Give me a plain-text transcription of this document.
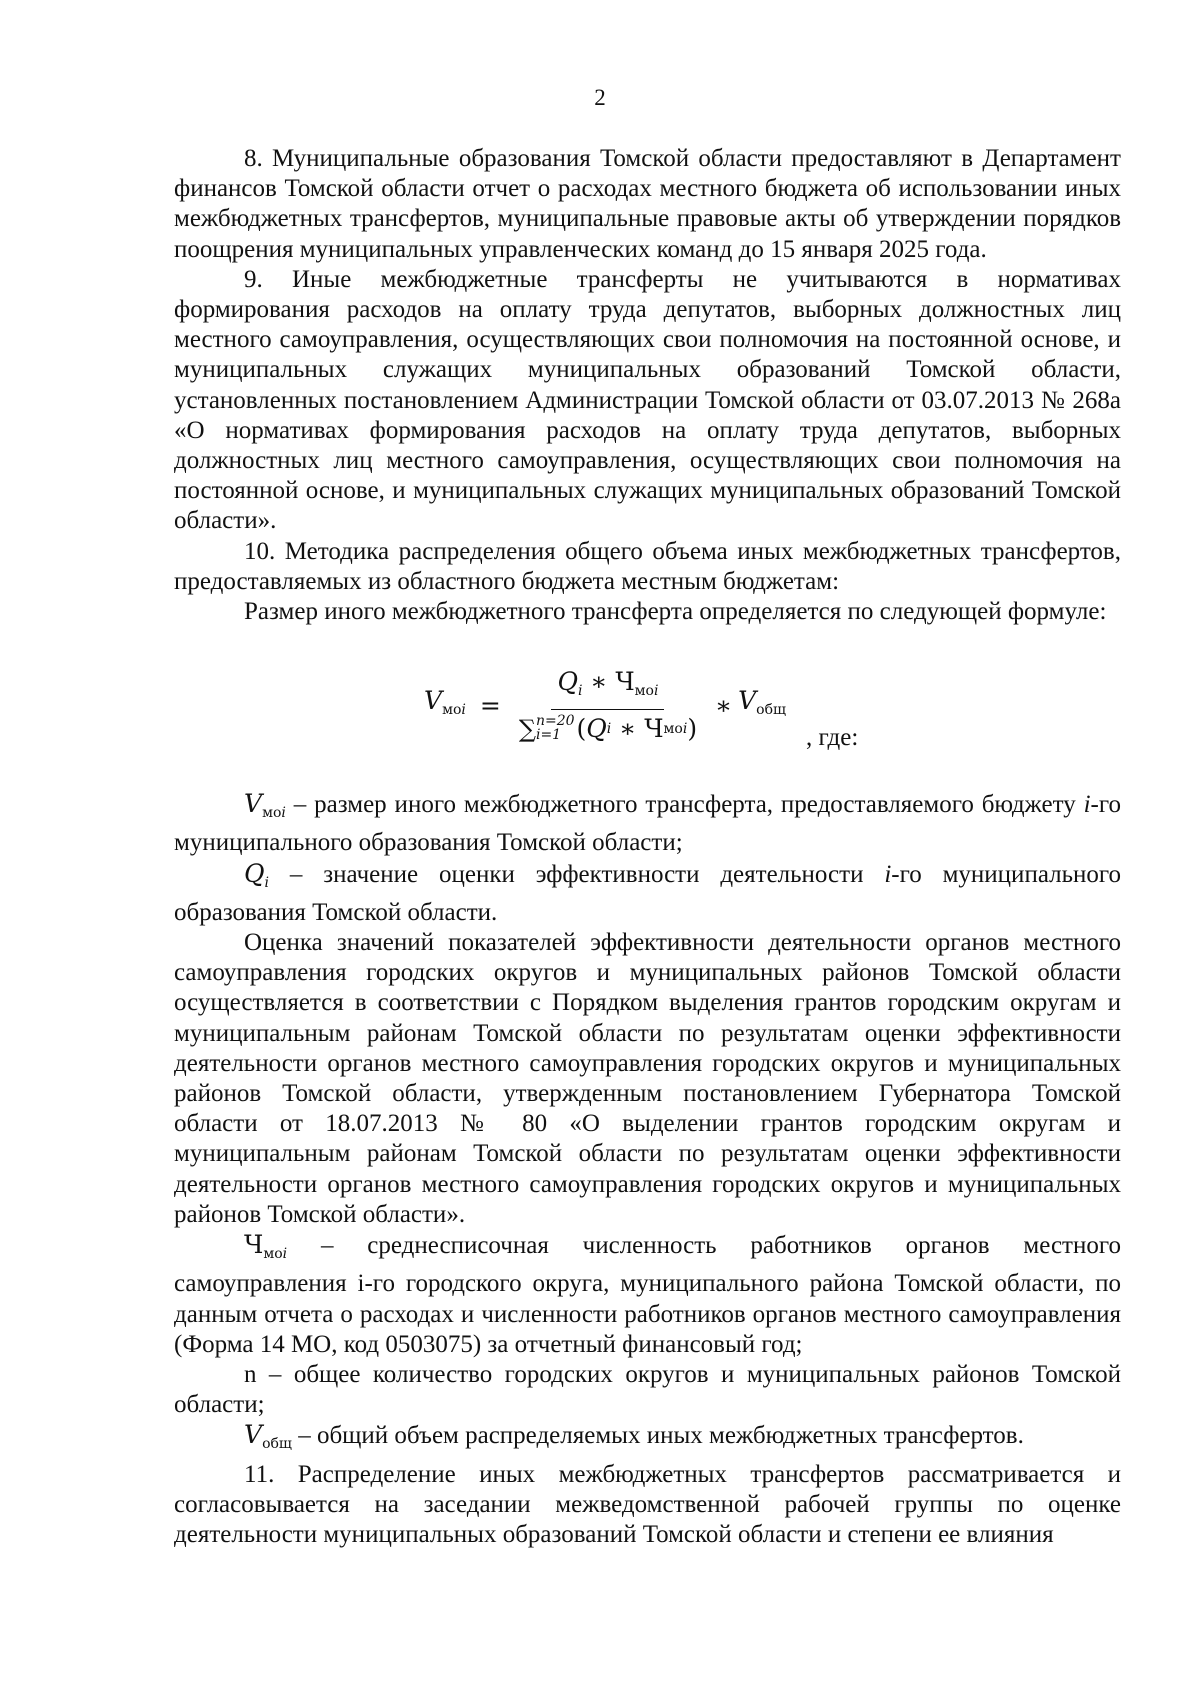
2

8. Муниципальные образования Томской области предоставляют в Департамент финансов Томской области отчет о расходах местного бюджета об использовании иных межбюджетных трансфертов, муниципальные правовые акты об утверждении порядков поощрения муниципальных управленческих команд до 15 января 2025 года.

9. Иные межбюджетные трансферты не учитываются в нормативах формирования расходов на оплату труда депутатов, выборных должностных лиц местного самоуправления, осуществляющих свои полномочия на постоянной основе, и муниципальных служащих муниципальных образований Томской области, установленных постановлением Администрации Томской области от 03.07.2013 № 268а «О нормативах формирования расходов на оплату труда депутатов, выборных должностных лиц местного самоуправления, осуществляющих свои полномочия на постоянной основе, и муниципальных служащих муниципальных образований Томской области».

10. Методика распределения общего объема иных межбюджетных трансфертов, предоставляемых из областного бюджета местным бюджетам:

Размер иного межбюджетного трансферта определяется по следующей формуле:

$V_{моi} = Q_i$ ∗ $Ч_{моi}$
∑ n=20
i=1 ( Q i
∗
Ч моi ) ∗ $V_{общ}$
, где:

$V_{моi}$ – размер иного межбюджетного трансферта, предоставляемого бюджету i-го муниципального образования Томской области;

$Q_i$ – значение оценки эффективности деятельности i-го муниципального образования Томской области.

Оценка значений показателей эффективности деятельности органов местного самоуправления городских округов и муниципальных районов Томской области осуществляется в соответствии с Порядком выделения грантов городским округам и муниципальным районам Томской области по результатам оценки эффективности деятельности органов местного самоуправления городских округов и муниципальных районов Томской области, утвержденным постановлением Губернатора Томской области от 18.07.2013 № 80 «О выделении грантов городским округам и муниципальным районам Томской области по результатам оценки эффективности деятельности органов местного самоуправления городских округов и муниципальных районов Томской области».

$Ч_{моi}$ – среднесписочная численность работников органов местного самоуправления i-го городского округа, муниципального района Томской области, по данным отчета о расходах и численности работников органов местного самоуправления (Форма 14 МО, код 0503075) за отчетный финансовый год;

n – общее количество городских округов и муниципальных районов Томской области;

$V_{общ}$ – общий объем распределяемых иных межбюджетных трансфертов.

11. Распределение иных межбюджетных трансфертов рассматривается и согласовывается на заседании межведомственной рабочей группы по оценке деятельности муниципальных образований Томской области и степени ее влияния
